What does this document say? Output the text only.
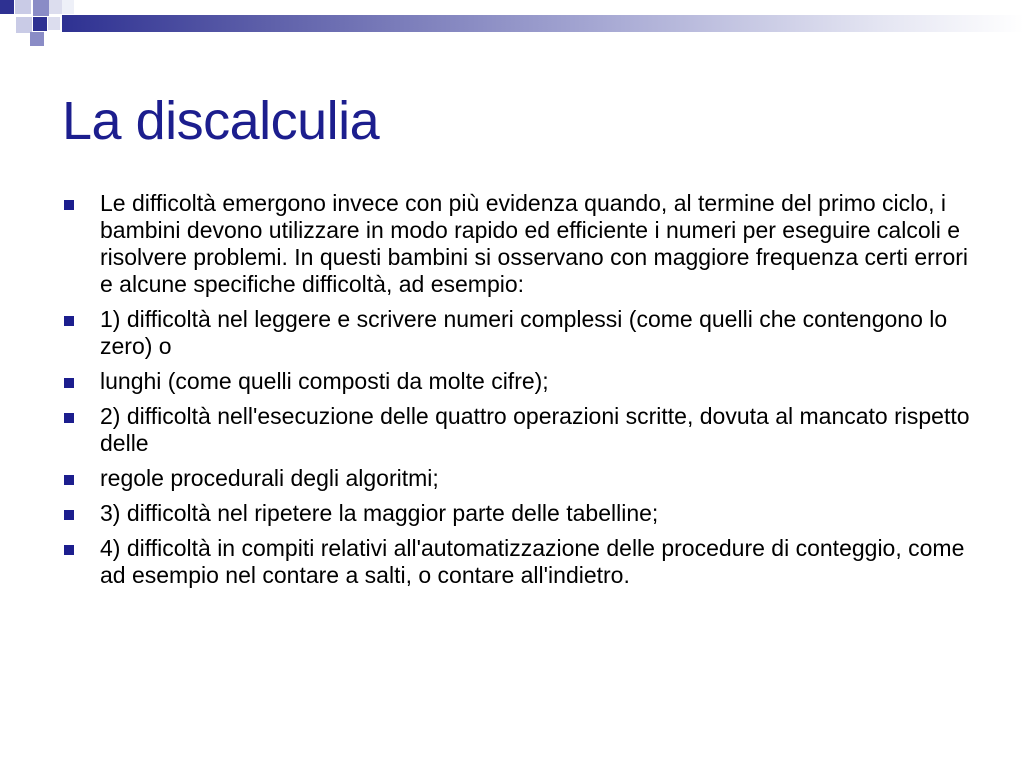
La discalculia
Le difficoltà emergono invece con più evidenza quando, al termine del primo ciclo, i bambini devono utilizzare in modo rapido ed efficiente i numeri per eseguire calcoli e risolvere problemi. In questi bambini si osservano con maggiore frequenza certi errori e alcune specifiche difficoltà, ad esempio:
1) difficoltà nel leggere e scrivere numeri complessi (come quelli che contengono lo zero) o
lunghi (come quelli composti da molte cifre);
2) difficoltà nell'esecuzione delle quattro operazioni scritte, dovuta al mancato rispetto delle
regole procedurali degli algoritmi;
3) difficoltà nel ripetere la maggior parte delle tabelline;
4) difficoltà in compiti relativi all'automatizzazione delle procedure di conteggio, come ad esempio nel contare a salti, o contare all'indietro.
